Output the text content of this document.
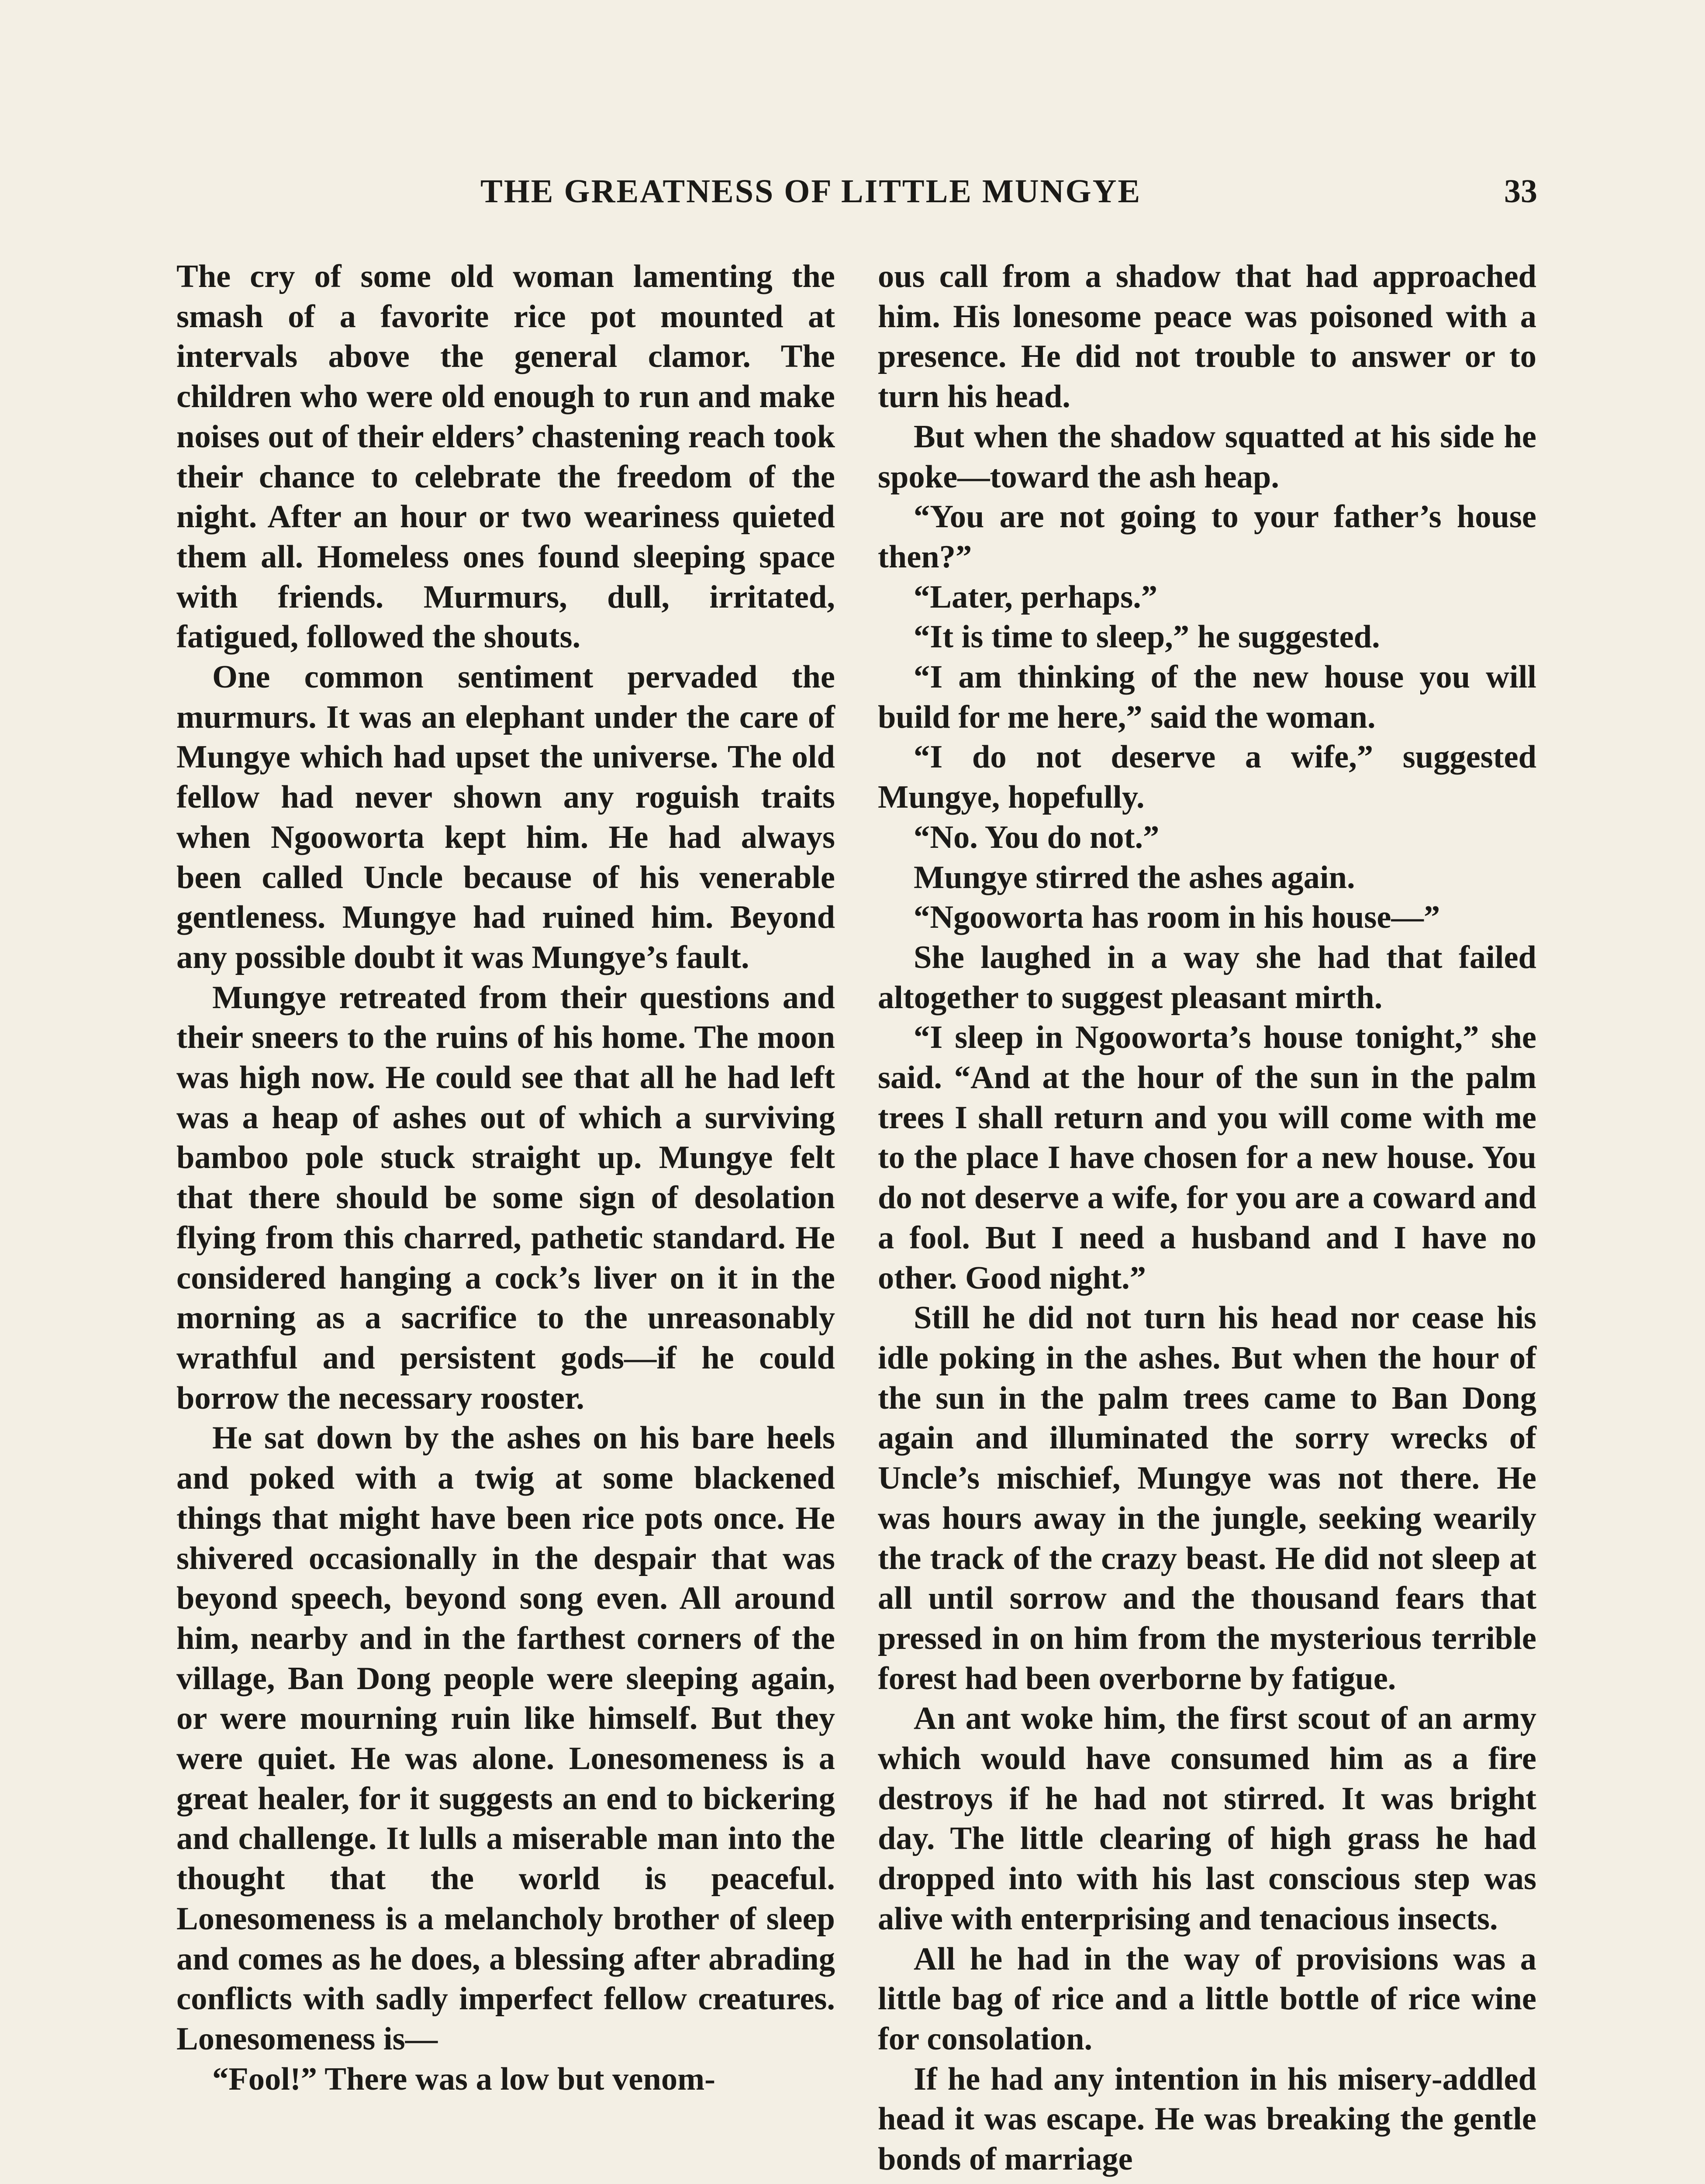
THE GREATNESS OF LITTLE MUNGYE	33

The cry of some old woman lamenting the smash of a favorite rice pot mounted at intervals above the general clamor. The children who were old enough to run and make noises out of their elders’ chastening reach took their chance to celebrate the freedom of the night. After an hour or two weariness quieted them all. Homeless ones found sleeping space with friends. Murmurs, dull, irritated, fatigued, followed the shouts.

One common sentiment pervaded the murmurs. It was an elephant under the care of Mungye which had upset the universe. The old fellow had never shown any roguish traits when Ngooworta kept him. He had always been called Uncle because of his venerable gentleness. Mungye had ruined him. Beyond any possible doubt it was Mungye’s fault.

Mungye retreated from their questions and their sneers to the ruins of his home. The moon was high now. He could see that all he had left was a heap of ashes out of which a surviving bamboo pole stuck straight up. Mungye felt that there should be some sign of desolation flying from this charred, pathetic standard. He considered hanging a cock’s liver on it in the morning as a sacrifice to the unreasonably wrathful and persistent gods—if he could borrow the necessary rooster.

He sat down by the ashes on his bare heels and poked with a twig at some blackened things that might have been rice pots once. He shivered occasionally in the despair that was beyond speech, beyond song even. All around him, nearby and in the farthest corners of the village, Ban Dong people were sleeping again, or were mourning ruin like himself. But they were quiet. He was alone. Lonesomeness is a great healer, for it suggests an end to bickering and challenge. It lulls a miserable man into the thought that the world is peaceful. Lonesomeness is a melancholy brother of sleep and comes as he does, a blessing after abrading conflicts with sadly imperfect fellow creatures. Lonesomeness is—

“Fool!” There was a low but venom-

ous call from a shadow that had approached him. His lonesome peace was poisoned with a presence. He did not trouble to answer or to turn his head.

But when the shadow squatted at his side he spoke—toward the ash heap.

“You are not going to your father’s house then?”

“Later, perhaps.”

“It is time to sleep,” he suggested.

“I am thinking of the new house you will build for me here,” said the woman.

“I do not deserve a wife,” suggested Mungye, hopefully.

“No. You do not.”

Mungye stirred the ashes again.

“Ngooworta has room in his house—”

She laughed in a way she had that failed altogether to suggest pleasant mirth.

“I sleep in Ngooworta’s house tonight,” she said. “And at the hour of the sun in the palm trees I shall return and you will come with me to the place I have chosen for a new house. You do not deserve a wife, for you are a coward and a fool. But I need a husband and I have no other. Good night.”

Still he did not turn his head nor cease his idle poking in the ashes. But when the hour of the sun in the palm trees came to Ban Dong again and illuminated the sorry wrecks of Uncle’s mischief, Mungye was not there. He was hours away in the jungle, seeking wearily the track of the crazy beast. He did not sleep at all until sorrow and the thousand fears that pressed in on him from the mysterious terrible forest had been overborne by fatigue.

An ant woke him, the first scout of an army which would have consumed him as a fire destroys if he had not stirred. It was bright day. The little clearing of high grass he had dropped into with his last conscious step was alive with enterprising and tenacious insects.

All he had in the way of provisions was a little bag of rice and a little bottle of rice wine for consolation.

If he had any intention in his misery-addled head it was escape. He was breaking the gentle bonds of marriage
